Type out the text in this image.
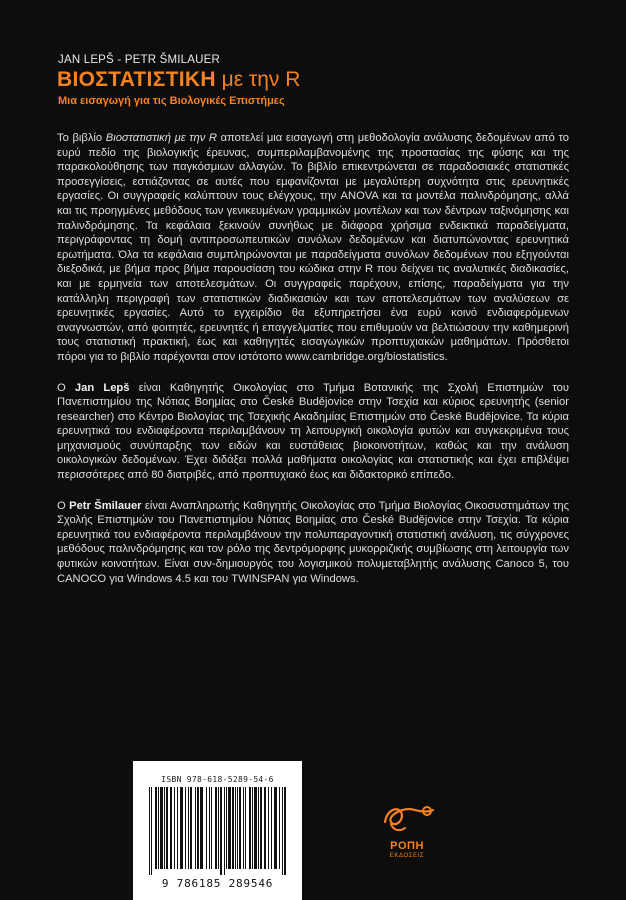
JAN LEPŠ - PETR ŠMILAUER
ΒΙΟΣΤΑΤΙΣΤΙΚΗ με την R
Μια εισαγωγή για τις Βιολογικές Επιστήμες

Το βιβλίο Βιοστατιστική με την R αποτελεί μια εισαγωγή στη μεθοδολογία ανάλυσης δεδομένων από το ευρύ πεδίο της βιολογικής έρευνας, συμπεριλαμβανομένης της προστασίας της φύσης και της παρακολούθησης των παγκόσμιων αλλαγών. Το βιβλίο επικεντρώνεται σε παραδοσιακές στατιστικές προσεγγίσεις, εστιάζοντας σε αυτές που εμφανίζονται με μεγαλύτερη συχνότητα στις ερευνητικές εργασίες. Οι συγγραφείς καλύπτουν τους ελέγχους, την ANOVA και τα μοντέλα παλινδρόμησης, αλλά και τις προηγμένες μεθόδους των γενικευμένων γραμμικών μοντέλων και των δέντρων ταξινόμησης και παλινδρόμησης. Τα κεφάλαια ξεκινούν συνήθως με διάφορα χρήσιμα ενδεικτικά παραδείγματα, περιγράφοντας τη δομή αντιπροσωπευτικών συνόλων δεδομένων και διατυπώνοντας ερευνητικά ερωτήματα. Όλα τα κεφάλαια συμπληρώνονται με παραδείγματα συνόλων δεδομένων που εξηγούνται διεξοδικά, με βήμα προς βήμα παρουσίαση του κώδικα στην R που δείχνει τις αναλυτικές διαδικασίες, και με ερμηνεία των αποτελεσμάτων. Οι συγγραφείς παρέχουν, επίσης, παραδείγματα για την κατάλληλη περιγραφή των στατιστικών διαδικασιών και των αποτελεσμάτων των αναλύσεων σε ερευνητικές εργασίες. Αυτό το εγχειρίδιο θα εξυπηρετήσει ένα ευρύ κοινό ενδιαφερόμενων αναγνωστών, από φοιτητές, ερευνητές ή επαγγελματίες που επιθυμούν να βελτιώσουν την καθημερινή τους στατιστική πρακτική, έως και καθηγητές εισαγωγικών προπτυχιακών μαθημάτων. Πρόσθετοι πόροι για το βιβλίο παρέχονται στον ιστότοπο www.cambridge.org/biostatistics.

Ο Jan Lepš είναι Καθηγητής Οικολογίας στο Τμήμα Βοτανικής της Σχολή Επιστημών του Πανεπιστημίου της Νότιας Βοημίας στο České Budějovice στην Τσεχία και κύριος ερευνητής (senior researcher) στο Κέντρο Βιολογίας της Τσεχικής Ακαδημίας Επιστημών στο České Budějovice. Τα κύρια ερευνητικά του ενδιαφέροντα περιλαμβάνουν τη λειτουργική οικολογία φυτών και συγκεκριμένα τους μηχανισμούς συνύπαρξης των ειδών και ευστάθειας βιοκοινοτήτων, καθώς και την ανάλυση οικολογικών δεδομένων. Έχει διδάξει πολλά μαθήματα οικολογίας και στατιστικής και έχει επιβλέψει περισσότερες από 80 διατριβές, από προπτυχιακό έως και διδακτορικό επίπεδο.

Ο Petr Šmilauer είναι Αναπληρωτής Καθηγητής Οικολογίας στο Τμήμα Βιολογίας Οικοσυστημάτων της Σχολής Επιστημών του Πανεπιστημίου Νότιας Βοημίας στο České Budějovice στην Τσεχία. Τα κύρια ερευνητικά του ενδιαφέροντα περιλαμβάνουν την πολυπαραγοντική στατιστική ανάλυση, τις σύγχρονες μεθόδους παλινδρόμησης και τον ρόλο της δεντρόμορφης μυκορριζικής συμβίωσης στη λειτουργία των φυτικών κοινοτήτων. Είναι συν-δημιουργός του λογισμικού πολυμεταβλητής ανάλυσης Canoco 5, του CANOCO για Windows 4.5 και του TWINSPAN για Windows.

ISBN 978-618-5289-54-6
9 786185 289546
ΡΟΠΗ
ΕΚΔΟΣΕΙΣ
